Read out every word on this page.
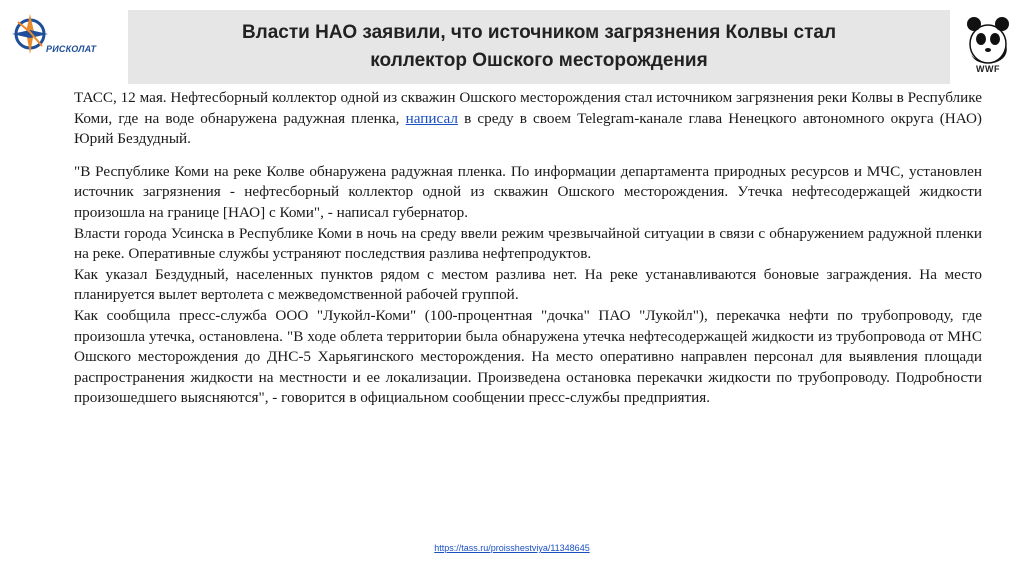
РИСКОЛАТ
Власти НАО заявили, что источником загрязнения Колвы стал
коллектор Ошского месторождения	WWF

ТАСС, 12 мая. Нефтесборный коллектор одной из скважин Ошского месторождения стал источником загрязнения реки Колвы в Республике Коми, где на воде обнаружена радужная пленка, написал в среду в своем Telegram-канале глава Ненецкого автономного округа (НАО) Юрий Бездудный.

"В Республике Коми на реке Колве обнаружена радужная пленка. По информации департамента природных ресурсов и МЧС, установлен источник загрязнения - нефтесборный коллектор одной из скважин Ошского месторождения. Утечка нефтесодержащей жидкости произошла на границе [НАО] с Коми", - написал губернатор.

Власти города Усинска в Республике Коми в ночь на среду ввели режим чрезвычайной ситуации в связи с обнаружением радужной пленки на реке. Оперативные службы устраняют последствия разлива нефтепродуктов.

Как указал Бездудный, населенных пунктов рядом с местом разлива нет. На реке устанавливаются боновые заграждения. На место планируется вылет вертолета с межведомственной рабочей группой.

Как сообщила пресс-служба ООО "Лукойл-Коми" (100-процентная "дочка" ПАО "Лукойл"), перекачка нефти по трубопроводу, где произошла утечка, остановлена. "В ходе облета территории была обнаружена утечка нефтесодержащей жидкости из трубопровода от МНС Ошского месторождения до ДНС-5 Харьягинского месторождения. На место оперативно направлен персонал для выявления площади распространения жидкости на местности и ее локализации. Произведена остановка перекачки жидкости по трубопроводу. Подробности произошедшего выясняются", - говорится в официальном сообщении пресс-службы предприятия.

https://tass.ru/proisshestviya/11348645
